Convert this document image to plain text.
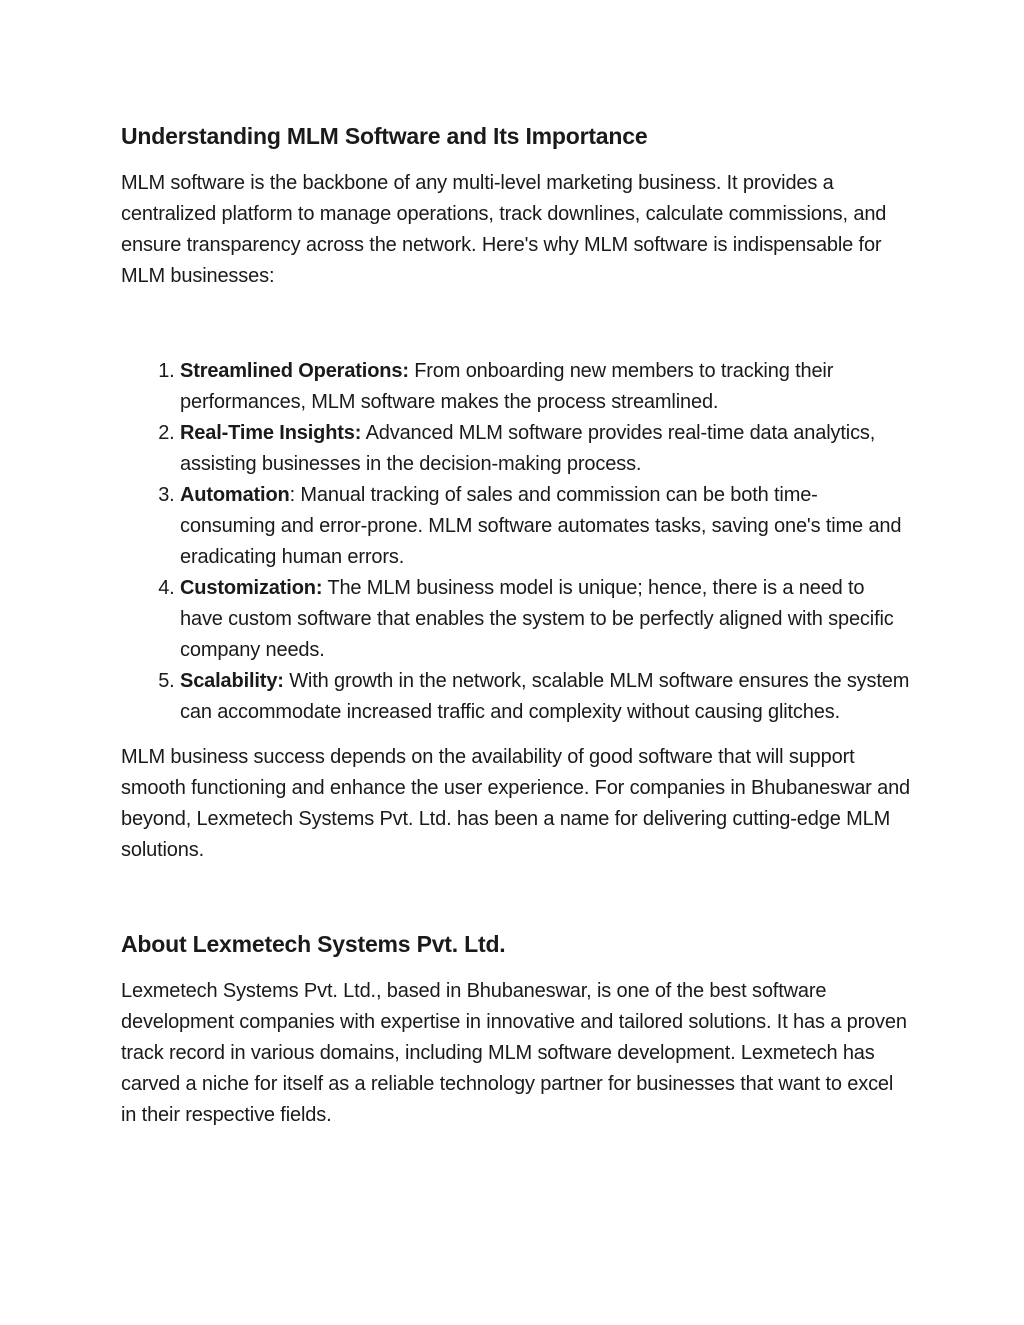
Understanding MLM Software and Its Importance

MLM software is the backbone of any multi-level marketing business. It provides a centralized platform to manage operations, track downlines, calculate commissions, and ensure transparency across the network. Here's why MLM software is indispensable for MLM businesses:

1. Streamlined Operations: From onboarding new members to tracking their performances, MLM software makes the process streamlined.
2. Real-Time Insights: Advanced MLM software provides real-time data analytics, assisting businesses in the decision-making process.
3. Automation: Manual tracking of sales and commission can be both time-consuming and error-prone. MLM software automates tasks, saving one's time and eradicating human errors.
4. Customization: The MLM business model is unique; hence, there is a need to have custom software that enables the system to be perfectly aligned with specific company needs.
5. Scalability: With growth in the network, scalable MLM software ensures the system can accommodate increased traffic and complexity without causing glitches.

MLM business success depends on the availability of good software that will support smooth functioning and enhance the user experience. For companies in Bhubaneswar and beyond, Lexmetech Systems Pvt. Ltd. has been a name for delivering cutting-edge MLM solutions.

About Lexmetech Systems Pvt. Ltd.

Lexmetech Systems Pvt. Ltd., based in Bhubaneswar, is one of the best software development companies with expertise in innovative and tailored solutions. It has a proven track record in various domains, including MLM software development. Lexmetech has carved a niche for itself as a reliable technology partner for businesses that want to excel in their respective fields.
